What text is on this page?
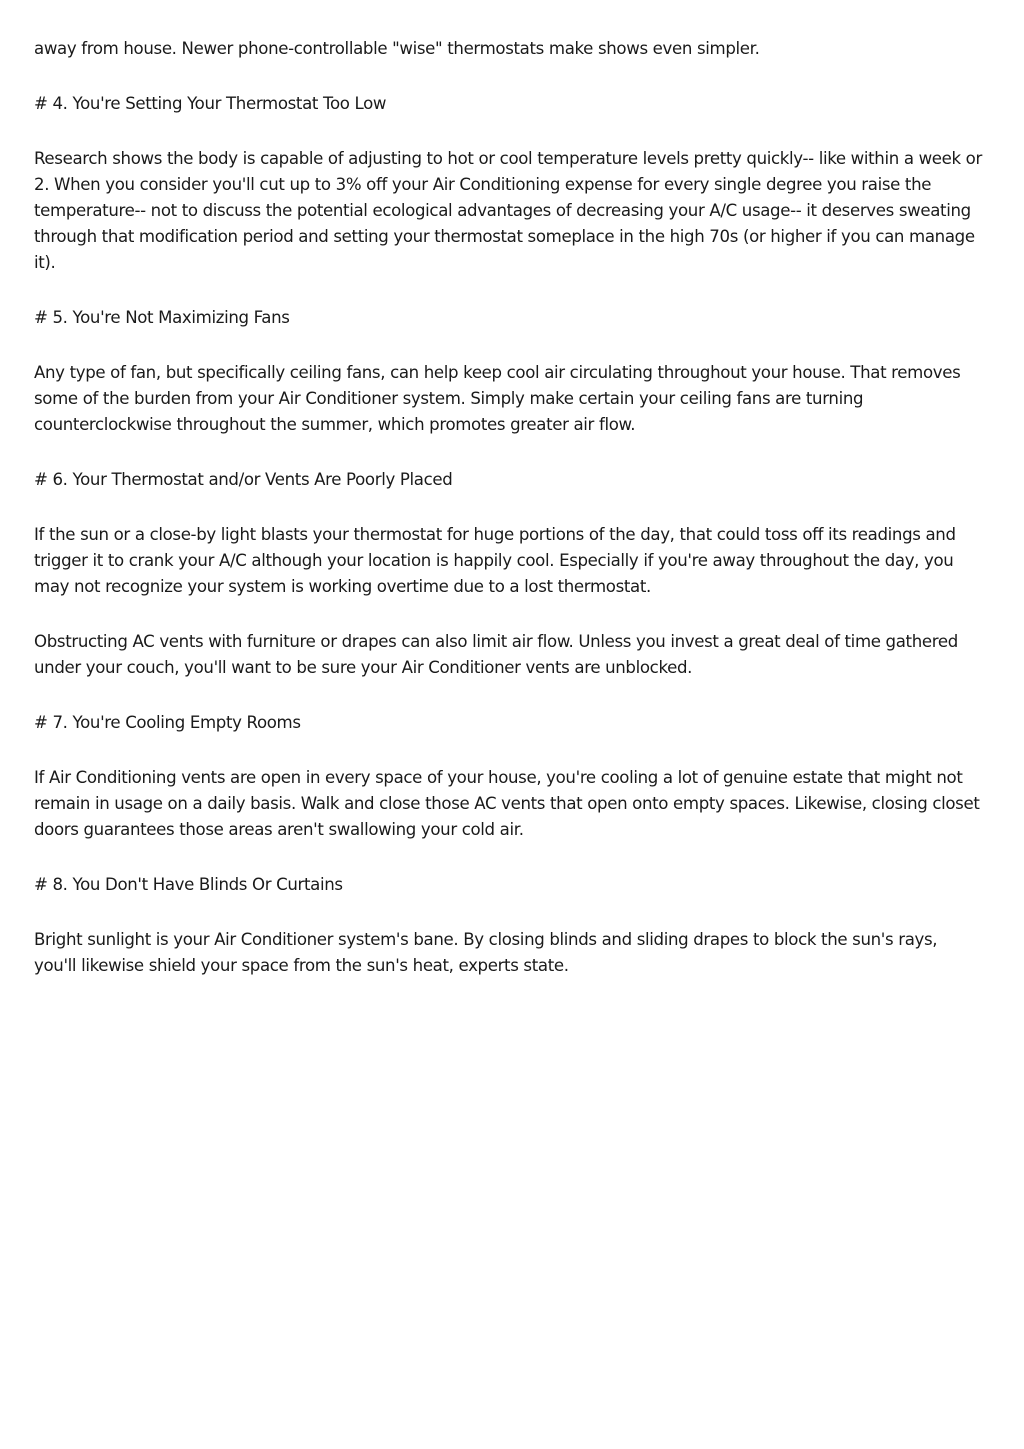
away from house. Newer phone-controllable "wise" thermostats make shows even simpler.

# 4. You're Setting Your Thermostat Too Low

Research shows the body is capable of adjusting to hot or cool temperature levels pretty quickly-- like within a week or 2. When you consider you'll cut up to 3% off your Air Conditioning expense for every single degree you raise the temperature-- not to discuss the potential ecological advantages of decreasing your A/C usage-- it deserves sweating through that modification period and setting your thermostat someplace in the high 70s (or higher if you can manage it).

# 5. You're Not Maximizing Fans

Any type of fan, but specifically ceiling fans, can help keep cool air circulating throughout your house. That removes some of the burden from your Air Conditioner system. Simply make certain your ceiling fans are turning counterclockwise throughout the summer, which promotes greater air flow.

# 6. Your Thermostat and/or Vents Are Poorly Placed

If the sun or a close-by light blasts your thermostat for huge portions of the day, that could toss off its readings and trigger it to crank your A/C although your location is happily cool. Especially if you're away throughout the day, you may not recognize your system is working overtime due to a lost thermostat.

Obstructing AC vents with furniture or drapes can also limit air flow. Unless you invest a great deal of time gathered under your couch, you'll want to be sure your Air Conditioner vents are unblocked.

# 7. You're Cooling Empty Rooms

If Air Conditioning vents are open in every space of your house, you're cooling a lot of genuine estate that might not remain in usage on a daily basis. Walk and close those AC vents that open onto empty spaces. Likewise, closing closet doors guarantees those areas aren't swallowing your cold air.

# 8. You Don't Have Blinds Or Curtains

Bright sunlight is your Air Conditioner system's bane. By closing blinds and sliding drapes to block the sun's rays, you'll likewise shield your space from the sun's heat, experts state.
